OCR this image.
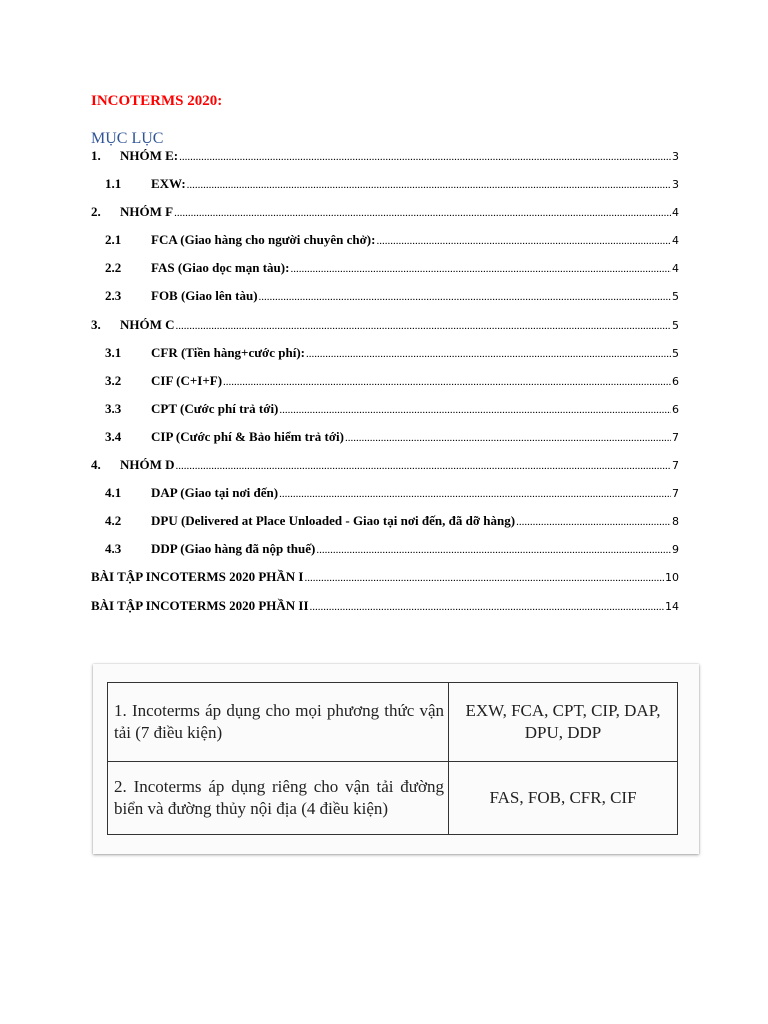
INCOTERMS 2020:
MỤC LỤC
1.	NHÓM E: .....	3
1.1	EXW: .....	3
2.	NHÓM F .....	4
2.1	FCA (Giao hàng cho người chuyên chở): .....	4
2.2	FAS (Giao dọc mạn tàu): .....	4
2.3	FOB (Giao lên tàu) .....	5
3.	NHÓM C .....	5
3.1	CFR (Tiền hàng+cước phí): .....	5
3.2	CIF (C+I+F) .....	6
3.3	CPT (Cước phí trả tới) .....	6
3.4	CIP (Cước phí & Bảo hiểm trả tới) .....	7
4.	NHÓM D .....	7
4.1	DAP (Giao tại nơi đến) .....	7
4.2	DPU (Delivered at Place Unloaded - Giao tại nơi đến, đã dỡ hàng) .....	8
4.3	DDP (Giao hàng đã nộp thuế) .....	9
BÀI TẬP INCOTERMS 2020 PHẦN I .....	10
BÀI TẬP INCOTERMS 2020 PHẦN II .....	14
1. Incoterms áp dụng cho mọi phương thức vận tải (7 điều kiện)	EXW, FCA, CPT, CIP, DAP, DPU, DDP
2. Incoterms áp dụng riêng cho vận tải đường biển và đường thủy nội địa (4 điều kiện)	FAS, FOB, CFR, CIF
